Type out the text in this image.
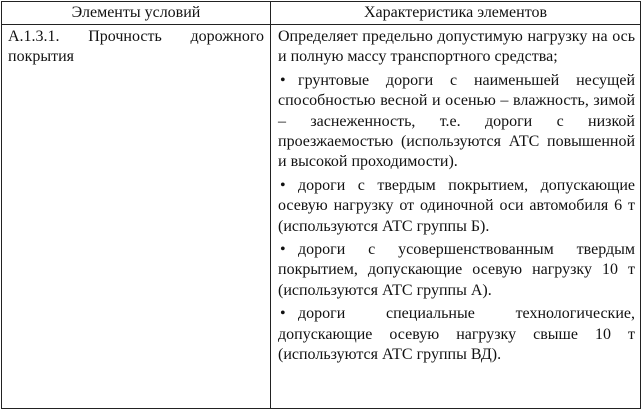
Элементы условий	Характеристика элементов
А.1.3.1. Прочность дорожного покрытия

Определяет предельно допустимую нагрузку на ось и полную массу транспортного средства;

• грунтовые дороги с наименьшей несущей способностью весной и осенью – влажность, зимой – заснеженность, т.е. дороги с низкой проезжаемостью (используются АТС повышенной и высокой проходимости).
• дороги с твердым покрытием, допускающие осевую нагрузку от одиночной оси автомобиля 6 т (используются АТС группы Б).
• дороги с усовершенствованным твердым покрытием, допускающие осевую нагрузку 10 т (используются АТС группы А).
• дороги специальные технологические, допускающие осевую нагрузку свыше 10 т (используются АТС группы ВД).
